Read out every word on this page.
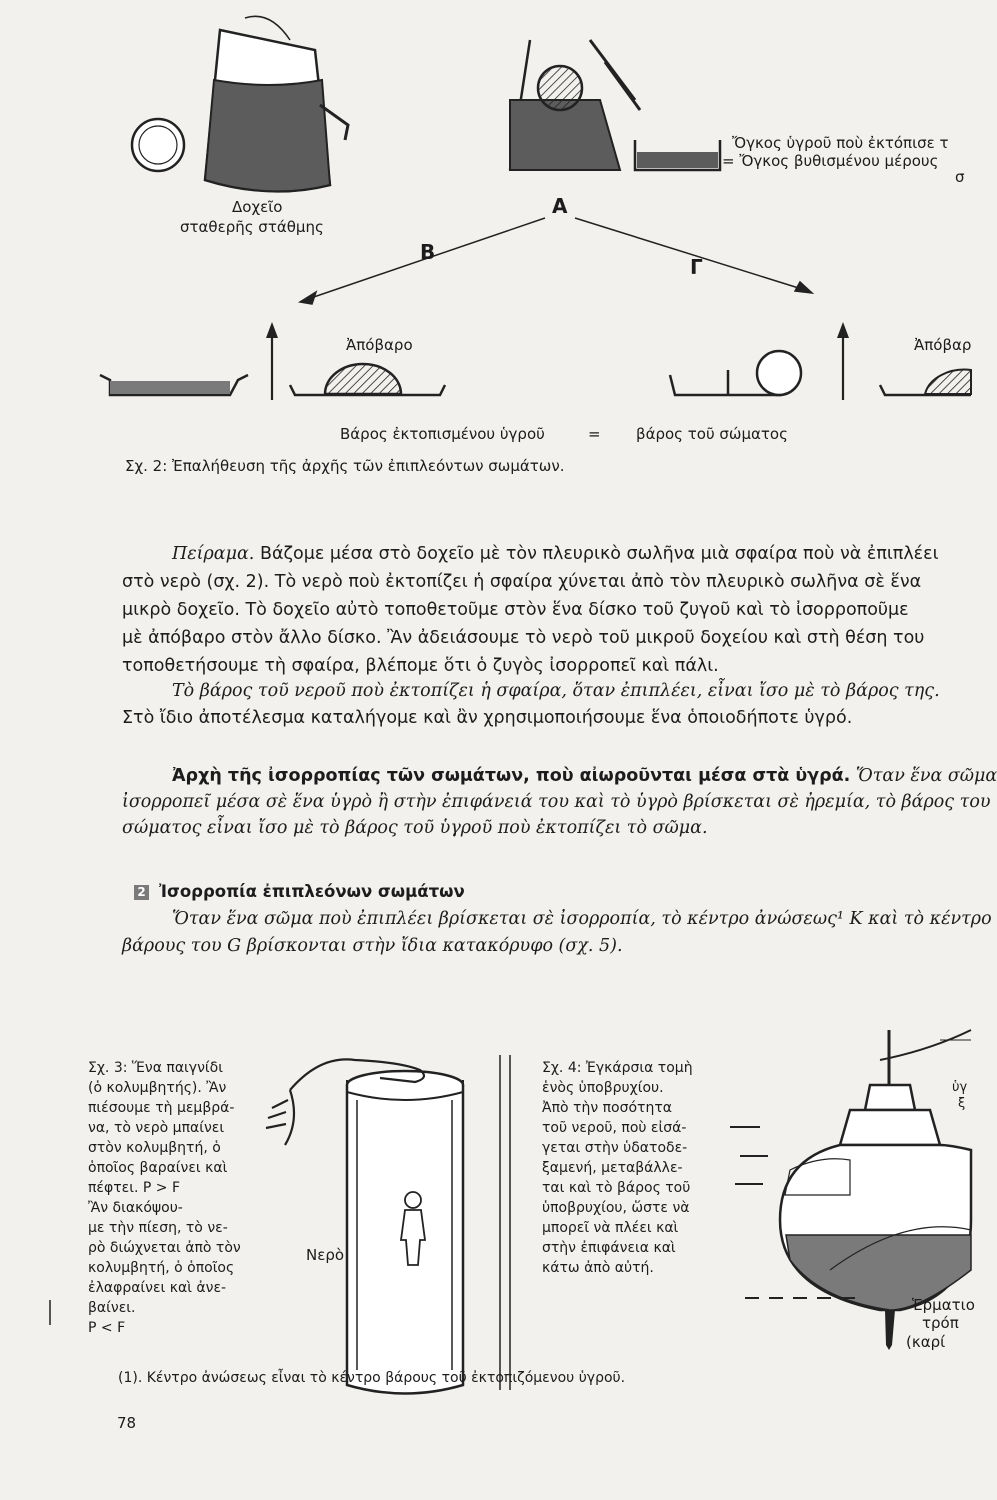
Δοχεῖο
σταθερῆς στάθμης
Ὄγκος ὑγροῦ ποὺ ἐκτόπισε τ
= Ὄγκος βυθισμένου μέρους
σ
Α
Β
Γ
Ἀπόβαρο	Ἀπόβαρ
Βάρος ἐκτοπισμένου ὑγροῦ	= βάρος τοῦ σώματος
Σχ. 2: Ἐπαλήθευση τῆς ἀρχῆς τῶν ἐπιπλεόντων σωμάτων.
Πείραμα. Βάζομε μέσα στὸ δοχεῖο μὲ τὸν πλευρικὸ σωλῆνα μιὰ σφαίρα ποὺ νὰ ἐπιπλέει
στὸ νερὸ (σχ. 2). Τὸ νερὸ ποὺ ἐκτοπίζει ἡ σφαίρα χύνεται ἀπὸ τὸν πλευρικὸ σωλῆνα σὲ ἕνα
μικρὸ δοχεῖο. Τὸ δοχεῖο αὐτὸ τοποθετοῦμε στὸν ἕνα δίσκο τοῦ ζυγοῦ καὶ τὸ ἰσορροποῦμε
μὲ ἀπόβαρο στὸν ἄλλο δίσκο. Ἂν ἀδειάσουμε τὸ νερὸ τοῦ μικροῦ δοχείου καὶ στὴ θέση του
τοποθετήσουμε τὴ σφαίρα, βλέπομε ὅτι ὁ ζυγὸς ἰσορροπεῖ καὶ πάλι.
Τὸ βάρος τοῦ νεροῦ ποὺ ἐκτοπίζει ἡ σφαίρα, ὅταν ἐπιπλέει, εἶναι ἴσο μὲ τὸ βάρος της.
Στὸ ἴδιο ἀποτέλεσμα καταλήγομε καὶ ἂν χρησιμοποιήσουμε ἕνα ὁποιοδήποτε ὑγρό.
Ἀρχὴ τῆς ἰσορροπίας τῶν σωμάτων, ποὺ αἰωροῦνται μέσα στὰ ὑγρά. Ὅταν ἕνα σῶμα
ἰσορροπεῖ μέσα σὲ ἕνα ὑγρὸ ἢ στὴν ἐπιφάνειά του καὶ τὸ ὑγρὸ βρίσκεται σὲ ἠρεμία, τὸ βάρος του
σώματος εἶναι ἴσο μὲ τὸ βάρος τοῦ ὑγροῦ ποὺ ἐκτοπίζει τὸ σῶμα.
2 Ἰσορροπία ἐπιπλεόνων σωμάτων
Ὅταν ἕνα σῶμα ποὺ ἐπιπλέει βρίσκεται σὲ ἰσορροπία, τὸ κέντρο ἀνώσεως¹ Κ καὶ τὸ κέντρο
βάρους του G βρίσκονται στὴν ἴδια κατακόρυφο (σχ. 5).
Σχ. 3: Ἕνα παιγνίδι
(ὁ κολυμβητής). Ἂν
πιέσουμε τὴ μεμβρά-
να, τὸ νερὸ μπαίνει
στὸν κολυμβητή, ὁ
ὁποῖος βαραίνει καὶ
πέφτει. P > F
Ἂν διακόψου-
με τὴν πίεση, τὸ νε-
ρὸ διώχνεται ἀπὸ τὸν
κολυμβητή, ὁ ὁποῖος
ἐλαφραίνει καὶ ἀνε-
βαίνει.
P < F
Νερὸ
Σχ. 4: Ἐγκάρσια τομὴ
ἑνὸς ὑποβρυχίου.
Ἀπὸ τὴν ποσότητα
τοῦ νεροῦ, ποὺ εἰσά-
γεται στὴν ὑδατοδε-
ξαμενή, μεταβάλλε-
ται καὶ τὸ βάρος τοῦ
ὑποβρυχίου, ὥστε νὰ
μπορεῖ νὰ πλέει καὶ
στὴν ἐπιφάνεια καὶ
κάτω ἀπὸ αὐτή.
Ἑρματιο
τρόπ
(καρί
ὑγ
ξ
(1). Κέντρο ἀνώσεως εἶναι τὸ κέντρο βάρους τοῦ ἐκτοπιζόμενου ὑγροῦ.
78
